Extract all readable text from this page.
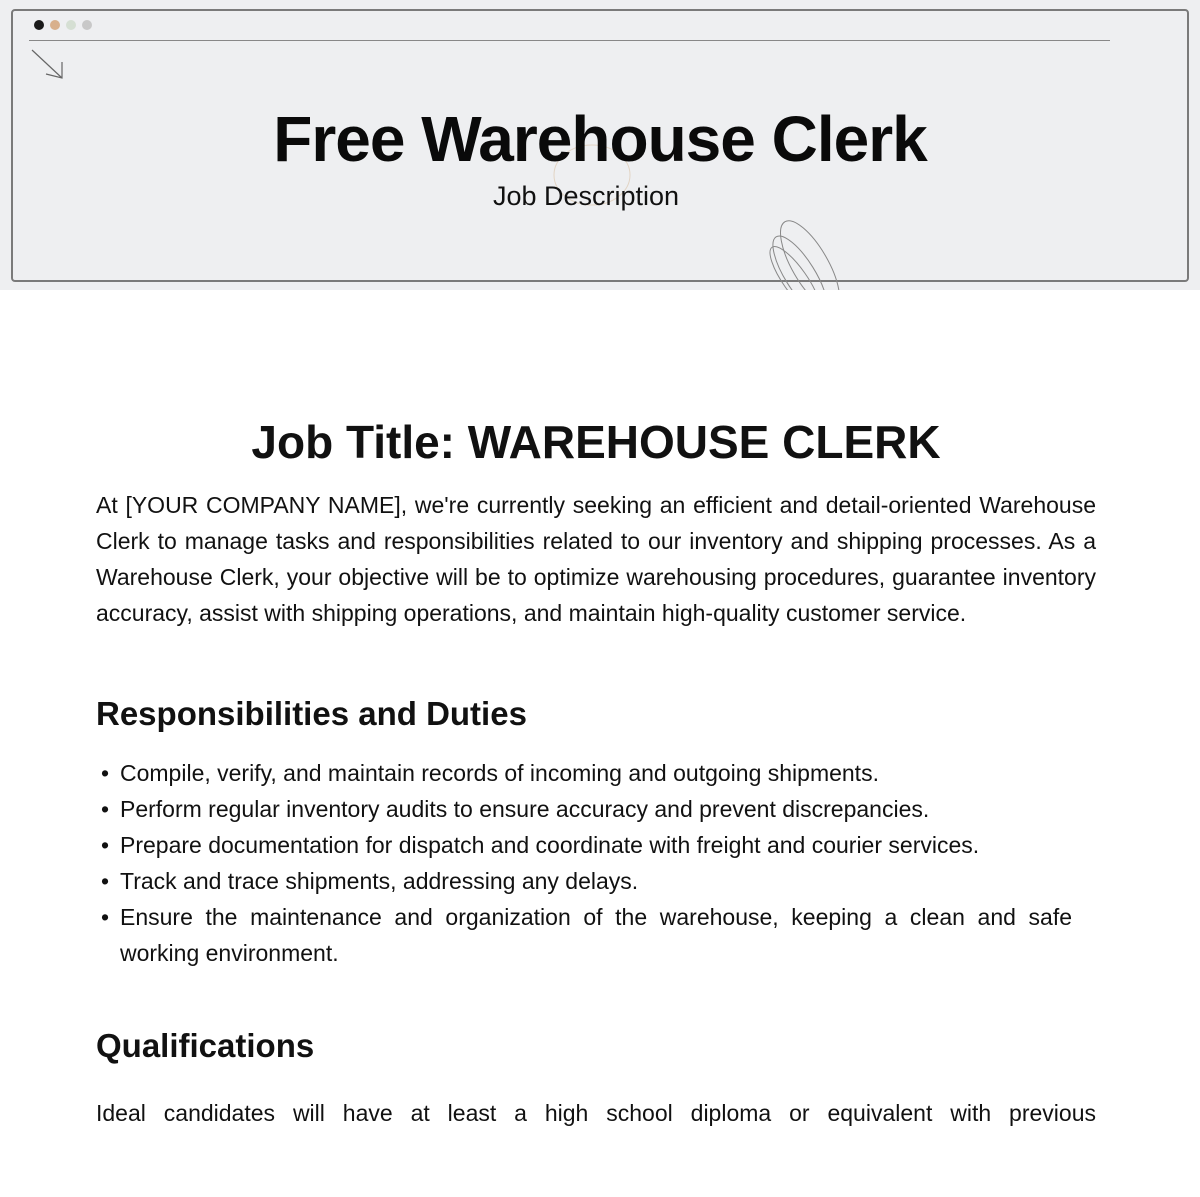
Free Warehouse Clerk
Job Description
Job Title: WAREHOUSE CLERK

At [YOUR COMPANY NAME], we're currently seeking an efficient and detail-oriented Warehouse Clerk to manage tasks and responsibilities related to our inventory and shipping processes. As a Warehouse Clerk, your objective will be to optimize warehousing procedures, guarantee inventory accuracy, assist with shipping operations, and maintain high-quality customer service.

Responsibilities and Duties
• Compile, verify, and maintain records of incoming and outgoing shipments.
• Perform regular inventory audits to ensure accuracy and prevent discrepancies.
• Prepare documentation for dispatch and coordinate with freight and courier services.
• Track and trace shipments, addressing any delays.
• Ensure the maintenance and organization of the warehouse, keeping a clean and safe working environment.
Qualifications

Ideal candidates will have at least a high school diploma or equivalent with previous
